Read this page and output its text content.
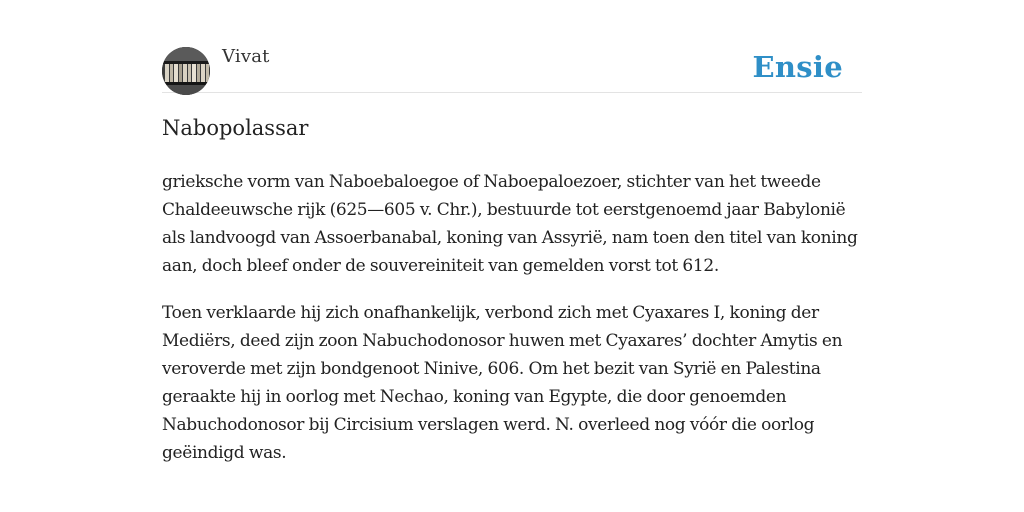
Vivat	Ensie
Nabopolassar

grieksche vorm van Naboebaloegoe of Naboepaloezoer, stichter van het tweede Chaldeeuwsche rijk (625—605 v. Chr.), bestuurde tot eerstgenoemd jaar Babylonië als landvoogd van Assoerbanabal, koning van Assyrië, nam toen den titel van koning aan, doch bleef onder de souvereiniteit van gemelden vorst tot 612.

Toen verklaarde hij zich onafhankelijk, verbond zich met Cyaxares I, koning der Mediërs, deed zijn zoon Nabuchodonosor huwen met Cyaxares’ dochter Amytis en veroverde met zijn bondgenoot Ninive, 606. Om het bezit van Syrië en Palestina geraakte hij in oorlog met Nechao, koning van Egypte, die door genoemden Nabuchodonosor bij Circisium verslagen werd. N. overleed nog vóór die oorlog geëindigd was.
